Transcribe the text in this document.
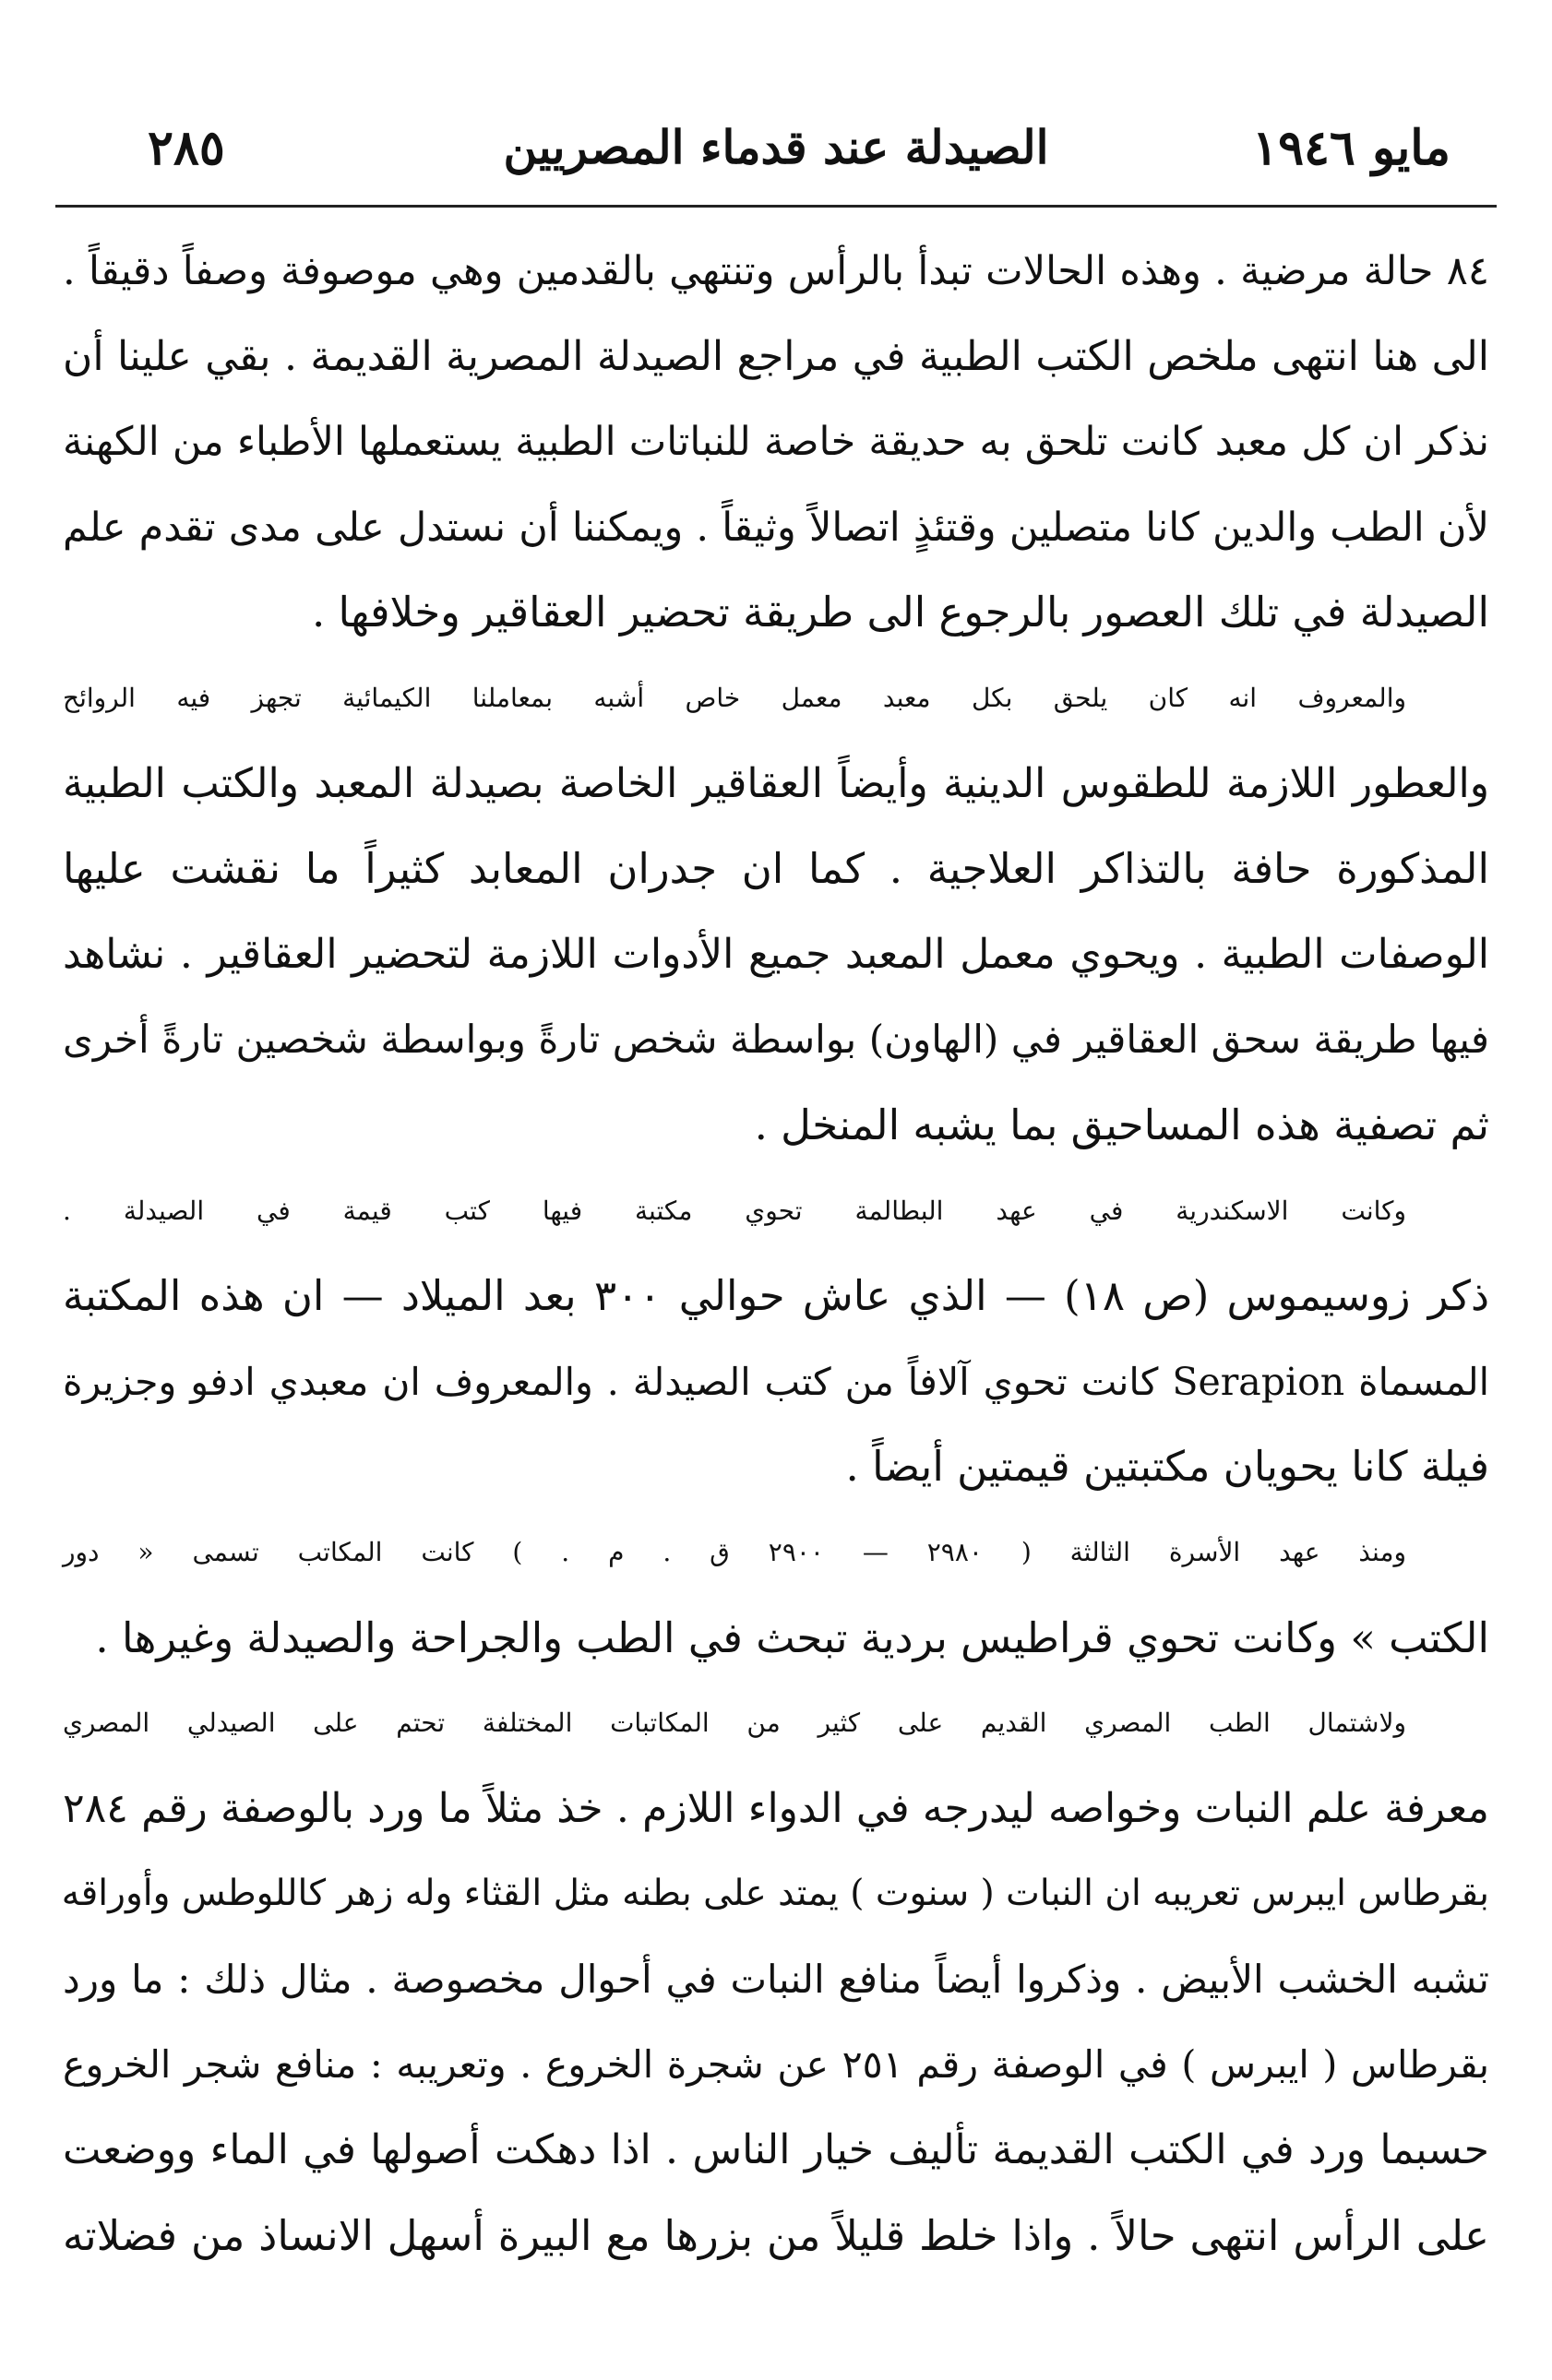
مايو ١٩٤٦
الصيدلة عند قدماء المصريين
٢٨٥
٨٤ حالة مرضية . وهذه الحالات تبدأ بالرأس وتنتهي بالقدمين وهي موصوفة وصفاً دقيقاً .
الى هنا انتهى ملخص الكتب الطبية في مراجع الصيدلة المصرية القديمة . بقي علينا أن
نذكر ان كل معبد كانت تلحق به حديقة خاصة للنباتات الطبية يستعملها الأطباء من الكهنة
لأن الطب والدين كانا متصلين وقتئذٍ اتصالاً وثيقاً . ويمكننا أن نستدل على مدى تقدم علم
الصيدلة في تلك العصور بالرجوع الى طريقة تحضير العقاقير وخلافها .
والمعروف انه كان يلحق بكل معبد معمل خاص أشبه بمعاملنا الكيمائية تجهز فيه الروائح
والعطور اللازمة للطقوس الدينية وأيضاً العقاقير الخاصة بصيدلة المعبد والكتب الطبية
المذكورة حافة بالتذاكر العلاجية . كما ان جدران المعابد كثيراً ما نقشت عليها
الوصفات الطبية . ويحوي معمل المعبد جميع الأدوات اللازمة لتحضير العقاقير . نشاهد
فيها طريقة سحق العقاقير في (الهاون) بواسطة شخص تارةً وبواسطة شخصين تارةً أخرى
ثم تصفية هذه المساحيق بما يشبه المنخل .
وكانت الاسكندرية في عهد البطالمة تحوي مكتبة فيها كتب قيمة في الصيدلة .
ذكر زوسيموس (ص ١٨) — الذي عاش حوالي ٣٠٠ بعد الميلاد — ان هذه المكتبة
المسماة Serapion كانت تحوي آلافاً من كتب الصيدلة . والمعروف ان معبدي ادفو وجزيرة
فيلة كانا يحويان مكتبتين قيمتين أيضاً .
ومنذ عهد الأسرة الثالثة ( ٢٩٨٠ — ٢٩٠٠ ق . م . ) كانت المكاتب تسمى « دور
الكتب » وكانت تحوي قراطيس بردية تبحث في الطب والجراحة والصيدلة وغيرها .
ولاشتمال الطب المصري القديم على كثير من المكاتبات المختلفة تحتم على الصيدلي المصري
معرفة علم النبات وخواصه ليدرجه في الدواء اللازم . خذ مثلاً ما ورد بالوصفة رقم ٢٨٤
بقرطاس ايبرس تعريبه ان النبات ( سنوت ) يمتد على بطنه مثل القثاء وله زهر كاللوطس وأوراقه
تشبه الخشب الأبيض . وذكروا أيضاً منافع النبات في أحوال مخصوصة . مثال ذلك : ما ورد
بقرطاس ( ايبرس ) في الوصفة رقم ٢٥١ عن شجرة الخروع . وتعريبه : منافع شجر الخروع
حسبما ورد في الكتب القديمة تأليف خيار الناس . اذا دهكت أصولها في الماء ووضعت
على الرأس انتهى حالاً . واذا خلط قليلاً من بزرها مع البيرة أسهل الانساذ من فضلاته
